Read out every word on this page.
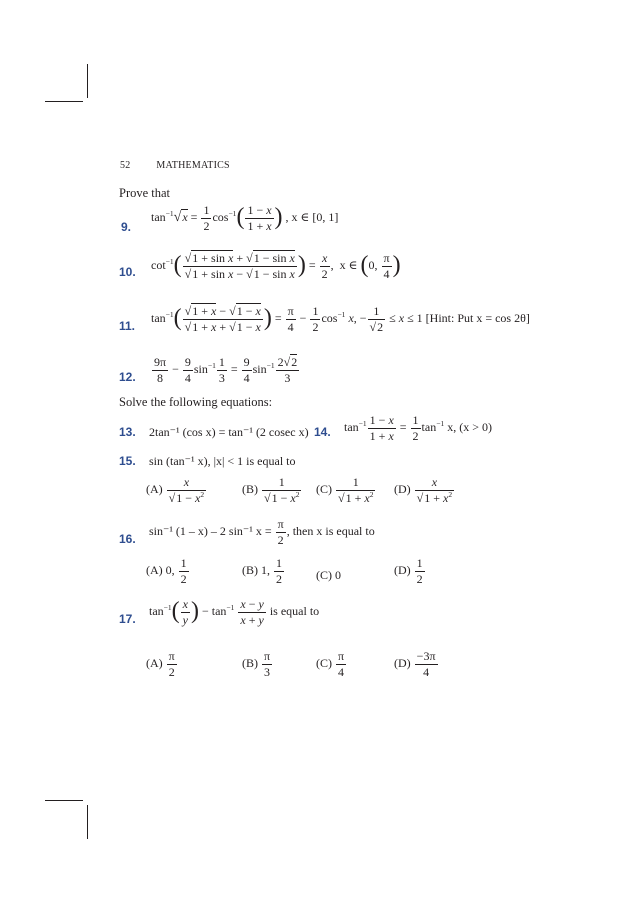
52	MATHEMATICS
Prove that
9.
$\tan^{-1}√x = \frac{1}{2} \cos^{-1}( \frac{1 - x}{1 + x}$ ) , x ∈ [0, 1]
10.
$\cot^{-1}( \frac{\text{√1 + sin x + √1 − sin x}}{\text{√1 + sin x − √1 − sin x}}$ ) = $\frac{x}{2}$ ,  x ∈ (0, $\frac{\pi}{4}$ )
11.
$\tan^{-1}( \frac{√1 + x - √1 - x}{√1 + x + √1 - x}$ ) = $\frac{\pi}{4} - \frac{1}{2} \cos^{-1} x$, − $\frac{1}{√2} \le x \le 1$ [Hint: Put x = cos 2θ]
12. $\frac{9\pi}{8} - \frac{9}{4} \sin^{-1} \frac{1}{3} = \frac{9}{4} \sin^{-1} \frac{2√2}{3}$
Solve the following equations:
13. 2tan⁻¹ (cos x) = tan⁻¹ (2 cosec x) 14. $\tan^{-1} \frac{1 - x}{1 + x} = \frac{1}{2} \tan^{-1} x$, (x > 0)
15. sin (tan⁻¹ x), |x| < 1 is equal to
$(A) \frac{x}{√1 - x^2}$	$(B) \frac{1}{√1 - x^2} (C) \frac{1}{√1 + x^2} (D) \frac{x}{√1 + x^2}$
16.
sin⁻¹ (1 – x) – 2 sin⁻¹ $x = \frac{\pi}{2}$ , then x is equal to
(A) 0, $\frac{1}{2}$	(B) 1, $\frac{1}{2}$	(C) 0	$(D) \frac{1}{2}$
17.
$\tan^{-1}( \frac{x}{y}$ ) − $\tan^{-1} \frac{x - y}{x + y}$ is equal to
$(A) \frac{\pi}{2}$	$(B) \frac{\pi}{3}$	$(C) \frac{\pi}{4}$	$(D) \frac{-3\pi}{4}$
